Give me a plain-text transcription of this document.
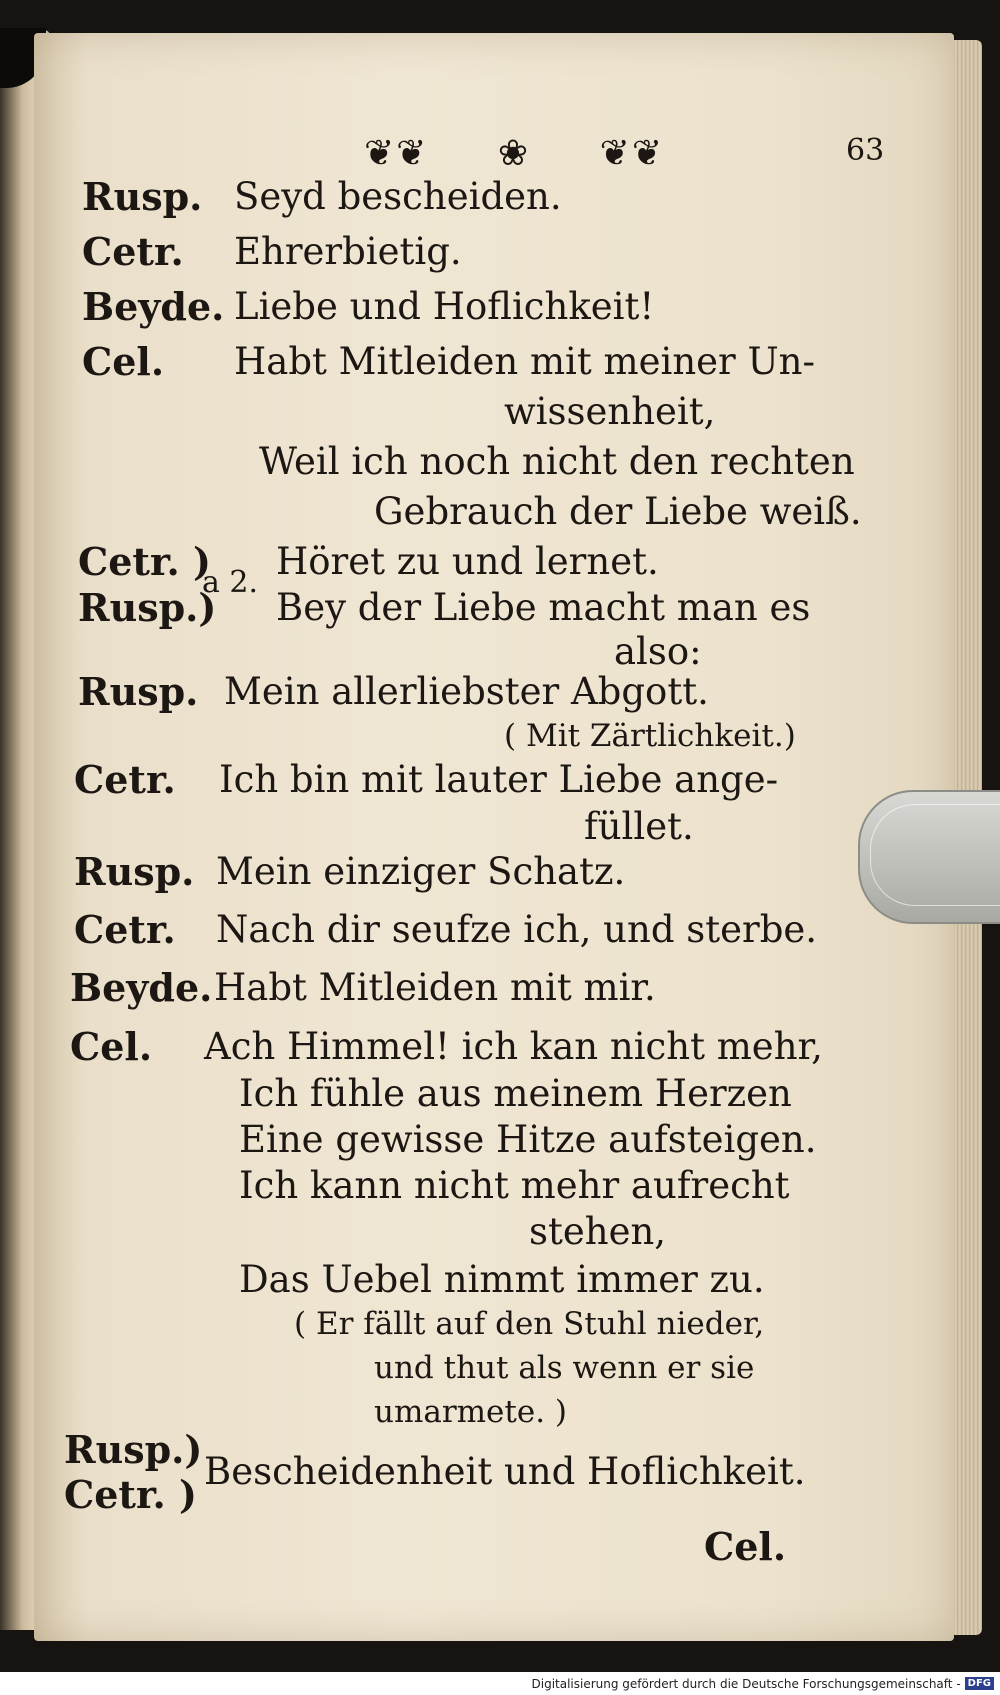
❦❦ ❀ ❦❦	63
Rusp.
Cetr.
Beyde.
Cel.
Cetr. )
Rusp.)
a 2.
Rusp.
Cetr.
Rusp.
Cetr.
Beyde.
Cel.
Rusp.)
Cetr. )
Seyd bescheiden.
Ehrerbietig.
Liebe und Hoflichkeit!
Habt Mitleiden mit meiner Un-
wissenheit,
Weil ich noch nicht den rechten
Gebrauch der Liebe weiß.
Höret zu und lernet.
Bey der Liebe macht man es
also:
Mein allerliebster Abgott.
( Mit Zärtlichkeit.)
Ich bin mit lauter Liebe ange-
füllet.
Mein einziger Schatz.
Nach dir seufze ich, und sterbe.
Habt Mitleiden mit mir.
Ach Himmel! ich kan nicht mehr,
Ich fühle aus meinem Herzen
Eine gewisse Hitze aufsteigen.
Ich kann nicht mehr aufrecht
stehen,
Das Uebel nimmt immer zu.
( Er fällt auf den Stuhl nieder,
und thut als wenn er sie
umarmete. )
Bescheidenheit und Hoflichkeit.
Cel.
Digitalisierung gefördert durch die Deutsche Forschungsgemeinschaft - DFG
